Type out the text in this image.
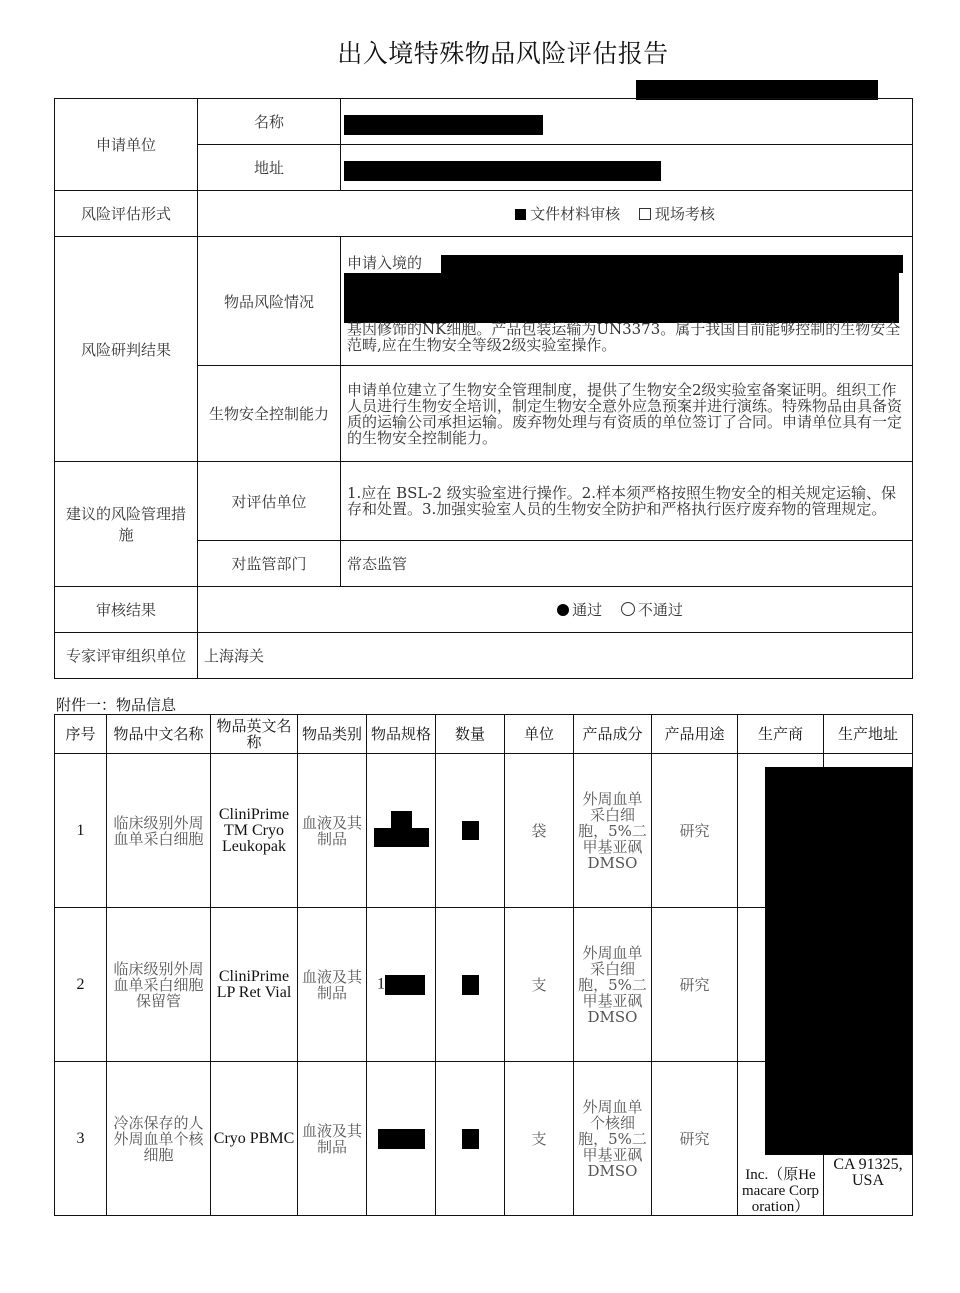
出入境特殊物品风险评估报告
申请单位	名称	
	地址	
风险评估形式	文件材料审核 现场考核	
风险研判结果	物品风险情况	申请入境的
基因修饰的NK细胞。产品包装运输为UN3373。属于我国目前能够控制的生物安全范畴,应在生物安全等级2级实验室操作。

	生物安全控制能力	申请单位建立了生物安全管理制度，提供了生物安全2级实验室备案证明。组织工作人员进行生物安全培训，制定生物安全意外应急预案并进行演练。特殊物品由具备资质的运输公司承担运输。废弃物处理与有资质的单位签订了合同。申请单位具有一定的生物安全控制能力。
建议的风险管理措施	对评估单位	1.应在 BSL-2 级实验室进行操作。2.样本须严格按照生物安全的相关规定运输、保存和处置。3.加强实验室人员的生物安全防护和严格执行医疗废弃物的管理规定。
	对监管部门	常态监管
审核结果	通过 不通过	
专家评审组织单位	上海海关	
附件一：物品信息
序号	物品中文名称	物品英文名称	物品类别	物品规格	数量	单位	产品成分	产品用途	生产商	生产地址
1	临床级别外周血单采白细胞	CliniPrime TM Cryo Leukopak	血液及其制品			袋	外周血单采白细胞，5%二甲基亚砜DMSO	研究		
2	临床级别外周血单采白细胞保留管	CliniPrime LP Ret Vial	血液及其制品	1		支	外周血单采白细胞，5%二甲基亚砜DMSO	研究		
3	冷冻保存的人外周血单个核细胞	Cryo PBMC	血液及其制品			支	外周血单个核细胞，5%二甲基亚砜DMSO	研究	Inc.（原Hemacare Corporation）	CA 91325, USA
